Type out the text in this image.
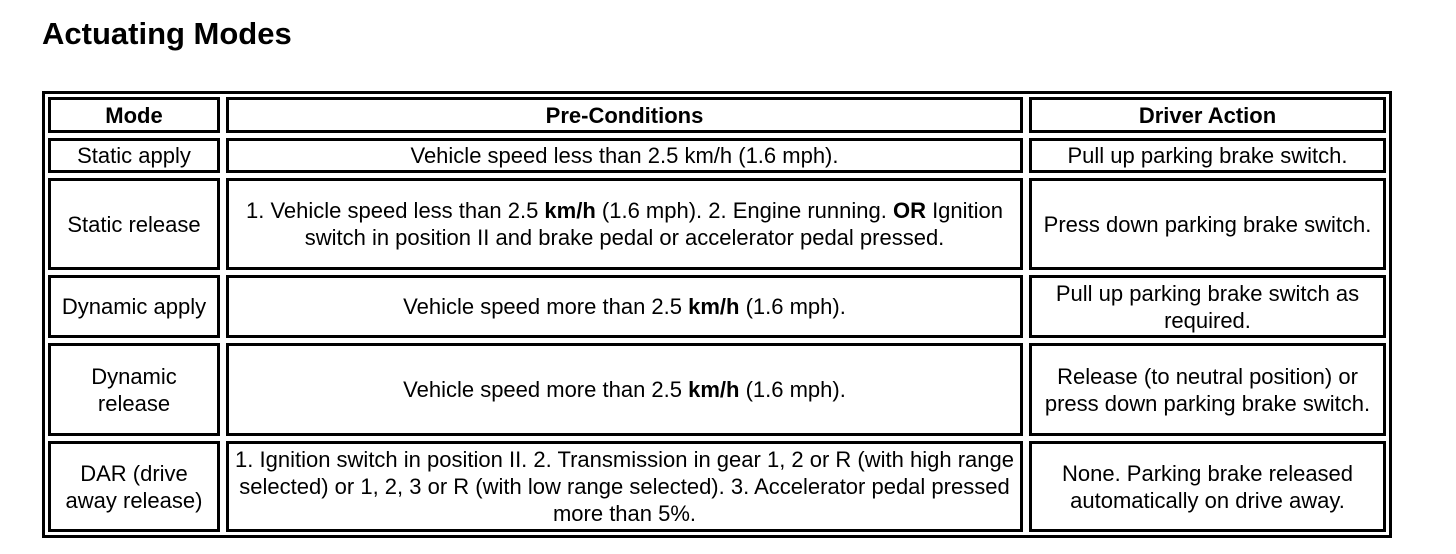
Actuating Modes
Mode		Pre-Conditions		Driver Action

Static apply		Vehicle speed less than 2.5 km/h (1.6 mph).		Pull up parking brake switch.

Static release		1. Vehicle speed less than 2.5 km/h (1.6 mph). 2. Engine running. OR Ignition switch in position II and brake pedal or accelerator pedal pressed.		Press down parking brake switch.

Dynamic apply		Vehicle speed more than 2.5 km/h (1.6 mph).		Pull up parking brake switch as required.

Dynamic release		Vehicle speed more than 2.5 km/h (1.6 mph).		Release (to neutral position) or press down parking brake switch.

DAR (drive away release)		1. Ignition switch in position II. 2. Transmission in gear 1, 2 or R (with high range selected) or 1, 2, 3 or R (with low range selected). 3. Accelerator pedal pressed more than 5%.		None. Parking brake released automatically on drive away.
